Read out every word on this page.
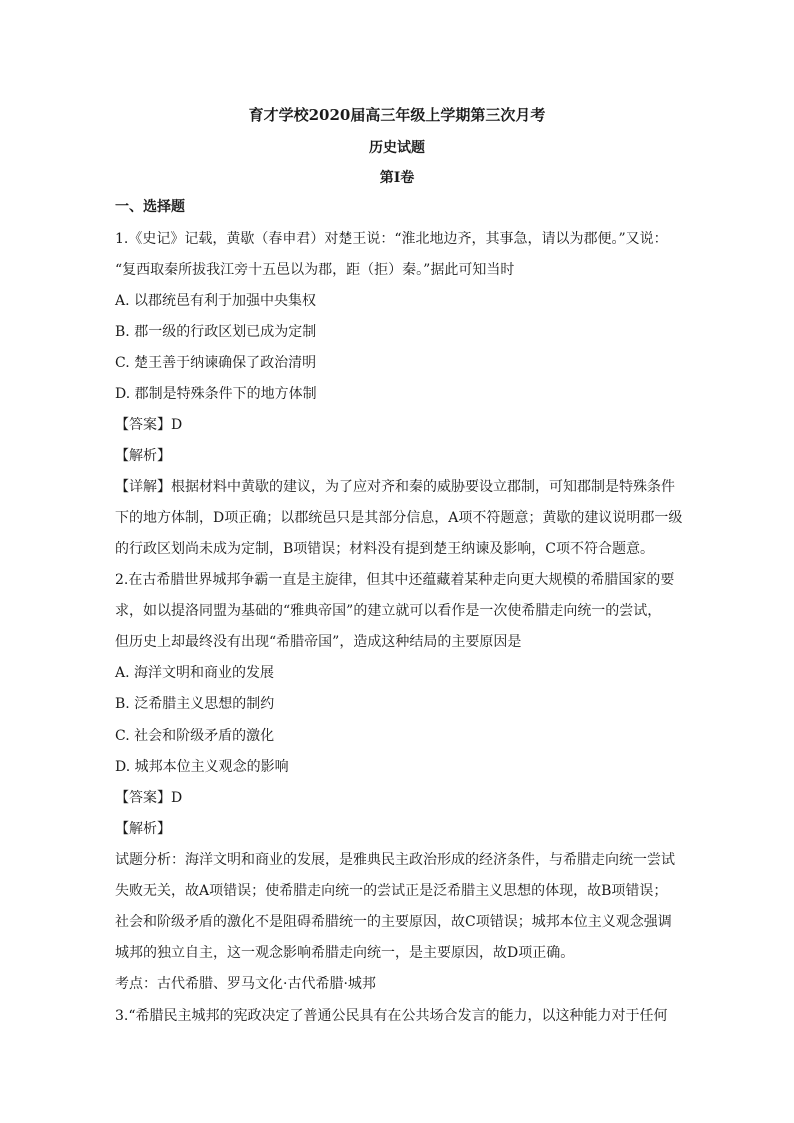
育才学校2020届高三年级上学期第三次月考
历史试题
第I卷
一、选择题
1.《史记》记载，黄歇（春申君）对楚王说：“淮北地边齐，其事急，请以为郡便。”又说：
“复西取秦所拔我江旁十五邑以为郡，距（拒）秦。”据此可知当时
A. 以郡统邑有利于加强中央集权
B. 郡一级的行政区划已成为定制
C. 楚王善于纳谏确保了政治清明
D. 郡制是特殊条件下的地方体制
【答案】D
【解析】
【详解】根据材料中黄歇的建议，为了应对齐和秦的威胁要设立郡制，可知郡制是特殊条件
下的地方体制，D项正确；以郡统邑只是其部分信息，A项不符题意；黄歇的建议说明郡一级
的行政区划尚未成为定制，B项错误；材料没有提到楚王纳谏及影响，C项不符合题意。
2.在古希腊世界城邦争霸一直是主旋律，但其中还蕴藏着某种走向更大规模的希腊国家的要
求，如以提洛同盟为基础的“雅典帝国”的建立就可以看作是一次使希腊走向统一的尝试，
但历史上却最终没有出现“希腊帝国”，造成这种结局的主要原因是
A. 海洋文明和商业的发展
B. 泛希腊主义思想的制约
C. 社会和阶级矛盾的激化
D. 城邦本位主义观念的影响
【答案】D
【解析】
试题分析：海洋文明和商业的发展，是雅典民主政治形成的经济条件，与希腊走向统一尝试
失败无关，故A项错误；使希腊走向统一的尝试正是泛希腊主义思想的体现，故B项错误；
社会和阶级矛盾的激化不是阻碍希腊统一的主要原因，故C项错误；城邦本位主义观念强调
城邦的独立自主，这一观念影响希腊走向统一，是主要原因，故D项正确。
考点：古代希腊、罗马文化·古代希腊·城邦
3.“希腊民主城邦的宪政决定了普通公民具有在公共场合发言的能力，以这种能力对于任何
